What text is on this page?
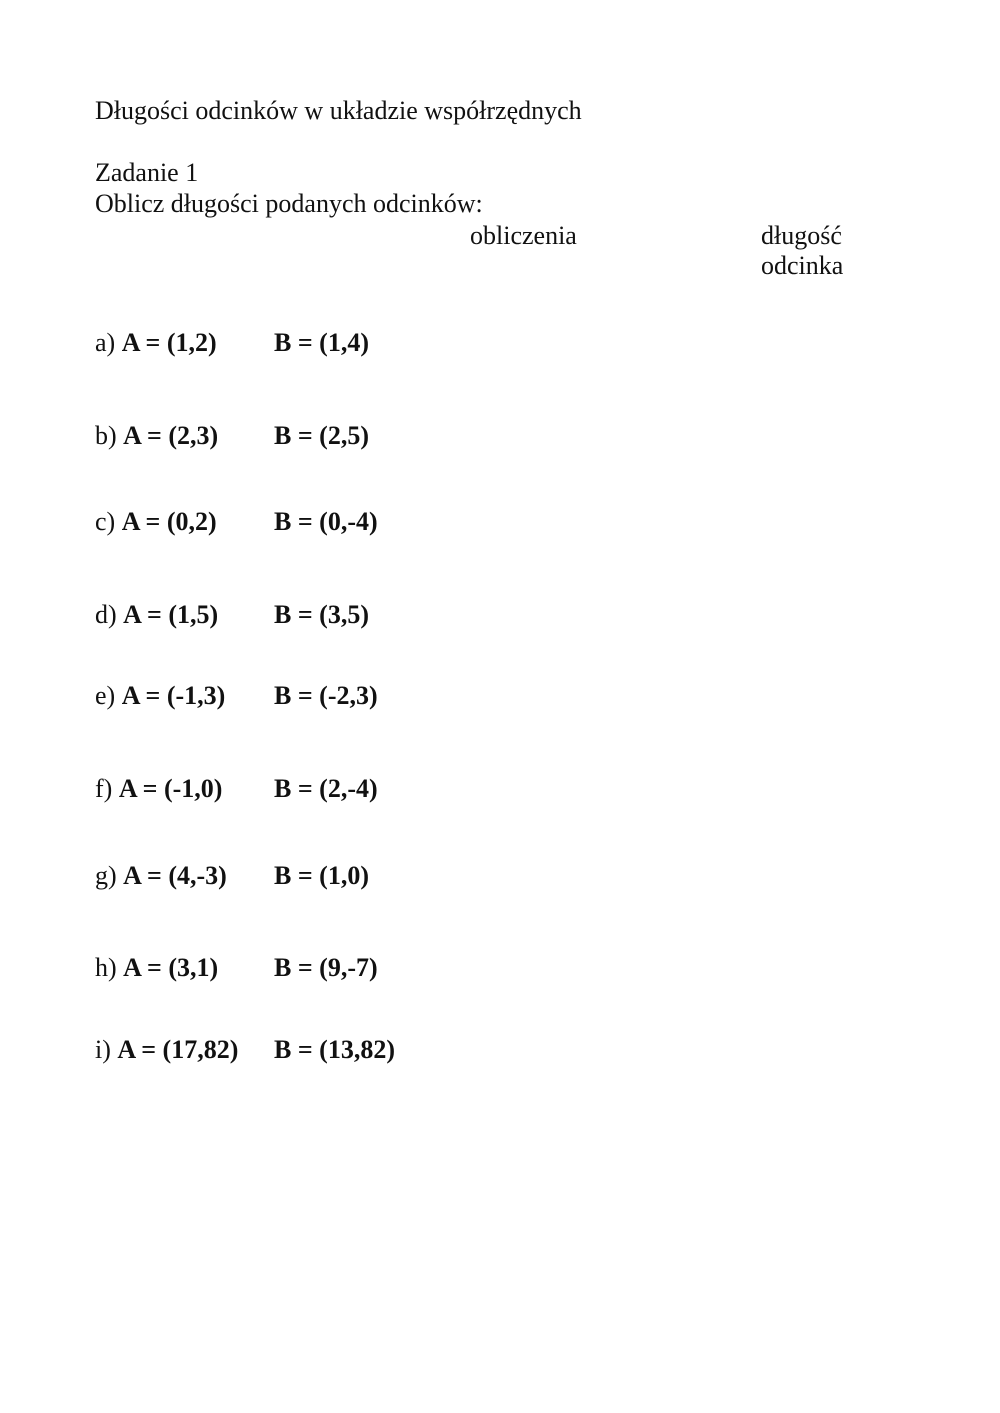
Długości odcinków w układzie współrzędnych
Zadanie 1
Oblicz długości podanych odcinków:
obliczenia	długość
odcinka
a) A = (1,2) B = (1,4)
b) A = (2,3) B = (2,5)
c) A = (0,2) B = (0,-4)
d) A = (1,5) B = (3,5)
e) A = (-1,3) B = (-2,3)
f) A = (-1,0) B = (2,-4)
g) A = (4,-3) B = (1,0)
h) A = (3,1) B = (9,-7)
i) A = (17,82) B = (13,82)
